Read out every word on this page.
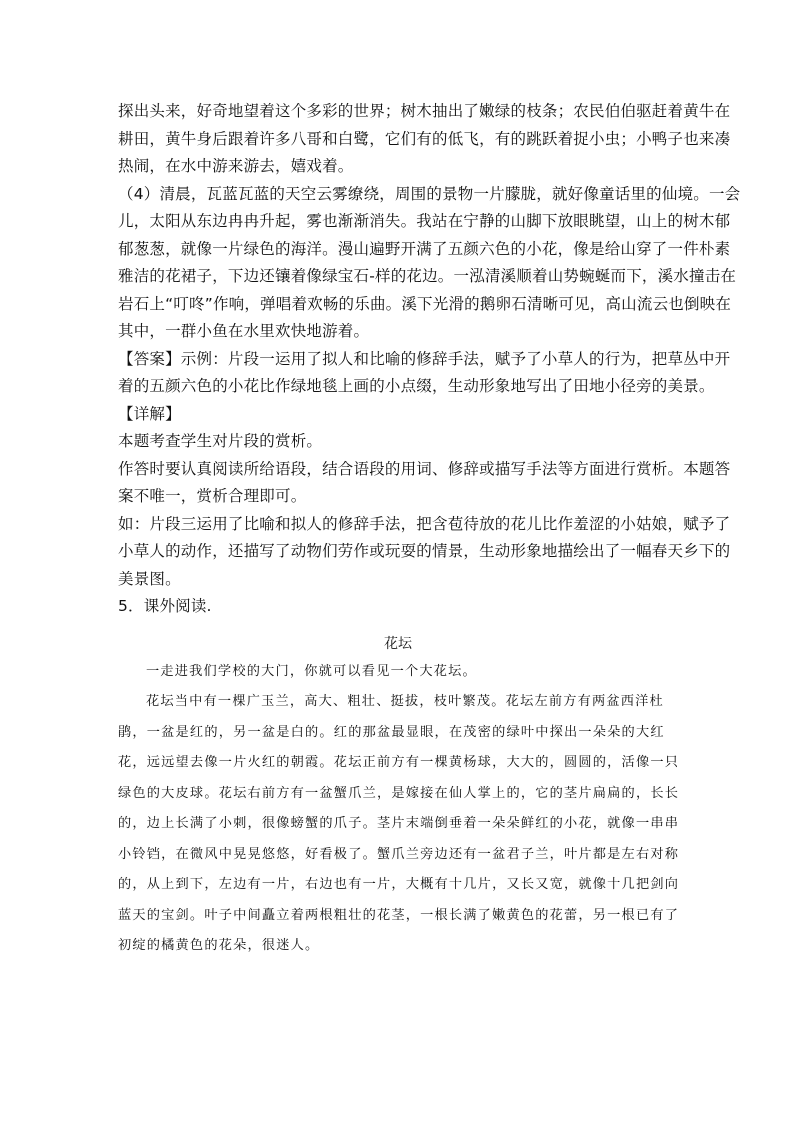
探出头来，好奇地望着这个多彩的世界；树木抽出了嫩绿的枝条；农民伯伯驱赶着黄牛在
耕田，黄牛身后跟着许多八哥和白鹭，它们有的低飞，有的跳跃着捉小虫；小鸭子也来凑
热闹，在水中游来游去，嬉戏着。
（4）清晨，瓦蓝瓦蓝的天空云雾缭绕，周围的景物一片朦胧，就好像童话里的仙境。一会
儿，太阳从东边冉冉升起，雾也渐渐消失。我站在宁静的山脚下放眼眺望，山上的树木郁
郁葱葱，就像一片绿色的海洋。漫山遍野开满了五颜六色的小花，像是给山穿了一件朴素
雅洁的花裙子，下边还镶着像绿宝石-样的花边。一泓清溪顺着山势蜿蜒而下，溪水撞击在
岩石上“叮咚”作响，弹唱着欢畅的乐曲。溪下光滑的鹅卵石清晰可见，高山流云也倒映在
其中，一群小鱼在水里欢快地游着。
【答案】示例：片段一运用了拟人和比喻的修辞手法，赋予了小草人的行为，把草丛中开
着的五颜六色的小花比作绿地毯上画的小点缀，生动形象地写出了田地小径旁的美景。
【详解】
本题考查学生对片段的赏析。
作答时要认真阅读所给语段，结合语段的用词、修辞或描写手法等方面进行赏析。本题答
案不唯一，赏析合理即可。
如：片段三运用了比喻和拟人的修辞手法，把含苞待放的花儿比作羞涩的小姑娘，赋予了
小草人的动作，还描写了动物们劳作或玩耍的情景，生动形象地描绘出了一幅春天乡下的
美景图。
5．课外阅读.
花坛
一走进我们学校的大门，你就可以看见一个大花坛。
花坛当中有一棵广玉兰，高大、粗壮、挺拔，枝叶繁茂。花坛左前方有两盆西洋杜
鹃，一盆是红的，另一盆是白的。红的那盆最显眼，在茂密的绿叶中探出一朵朵的大红
花，远远望去像一片火红的朝霞。花坛正前方有一棵黄杨球，大大的，圆圆的，活像一只
绿色的大皮球。花坛右前方有一盆蟹爪兰，是嫁接在仙人掌上的，它的茎片扁扁的，长长
的，边上长满了小刺，很像螃蟹的爪子。茎片末端倒垂着一朵朵鲜红的小花，就像一串串
小铃铛，在微风中晃晃悠悠，好看极了。蟹爪兰旁边还有一盆君子兰，叶片都是左右对称
的，从上到下，左边有一片，右边也有一片，大概有十几片，又长又宽，就像十几把剑向
蓝天的宝剑。叶子中间矗立着两根粗壮的花茎，一根长满了嫩黄色的花蕾，另一根已有了
初绽的橘黄色的花朵，很迷人。
